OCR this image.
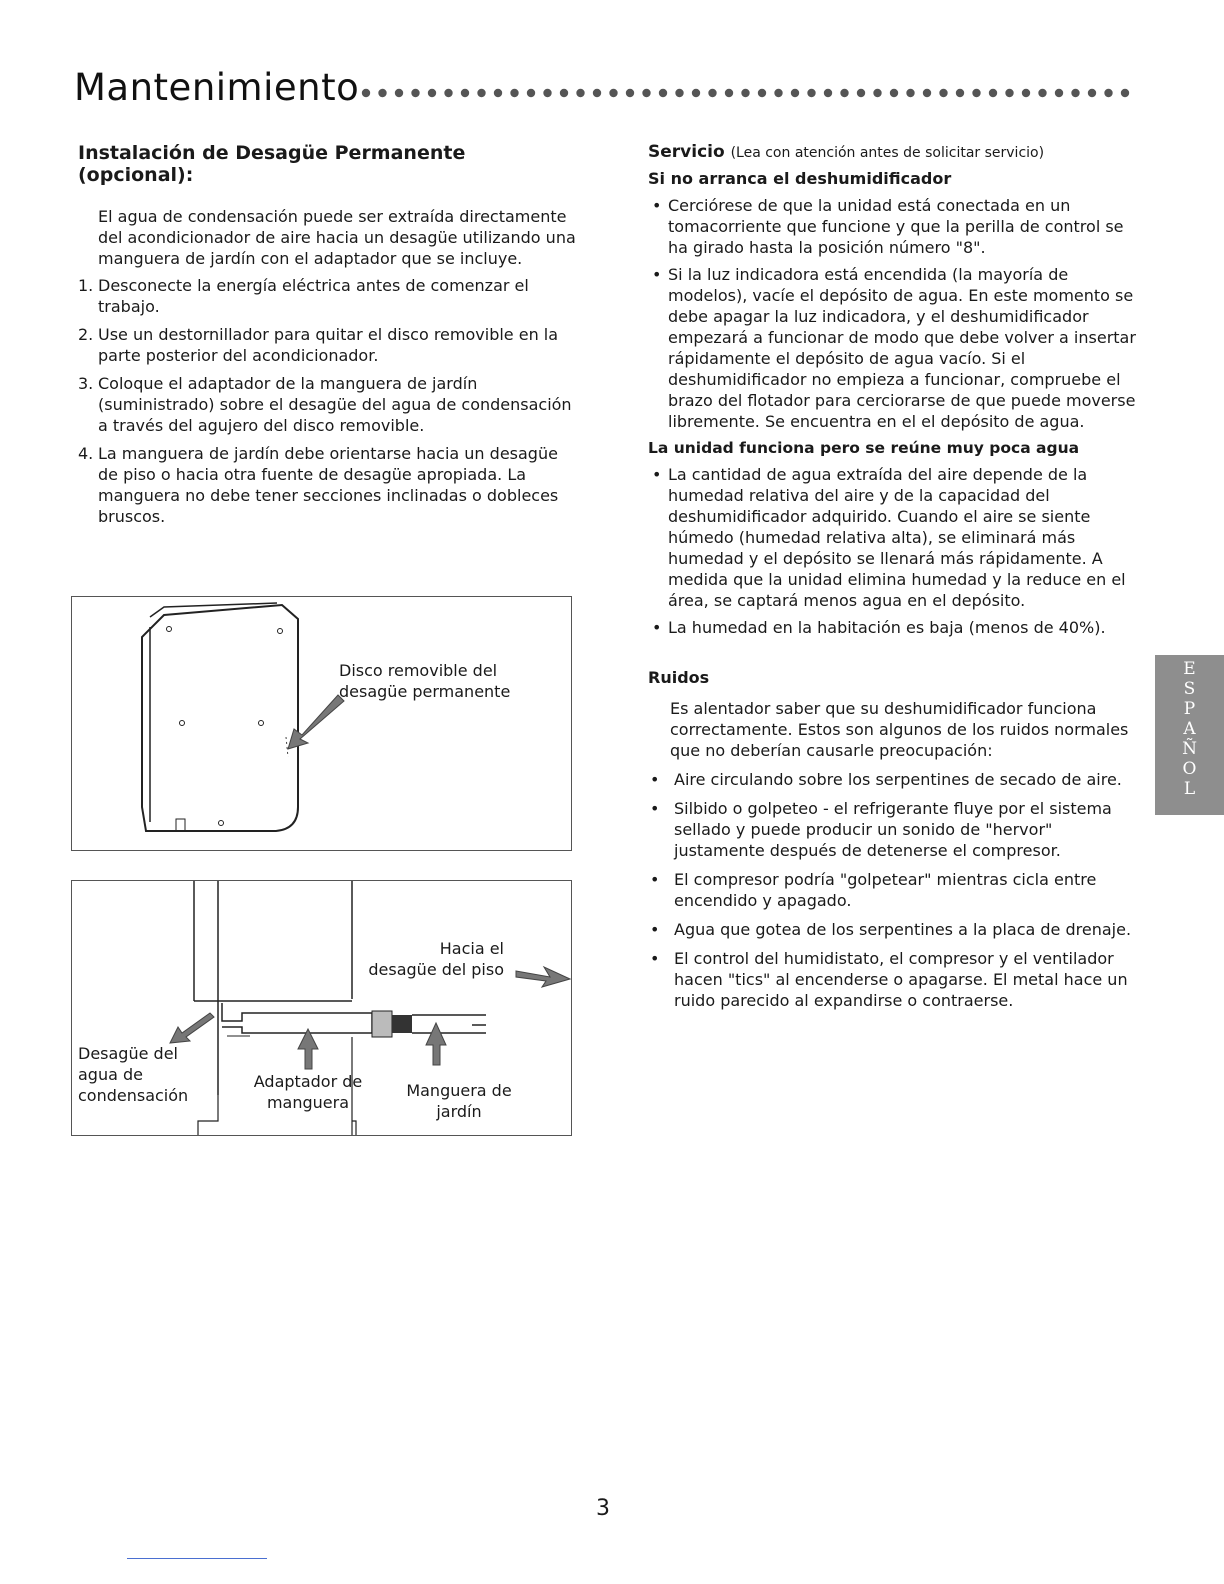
Mantenimiento
Instalación de Desagüe Permanente
(opcional):
El agua de condensación puede ser extraída directamente del acondicionador de aire hacia un desagüe utilizando una manguera de jardín con el adaptador que se incluye.
1. Desconecte la energía eléctrica antes de comenzar el trabajo.
2. Use un destornillador para quitar el disco removible en la parte posterior del acondicionador.
3. Coloque el adaptador de la manguera de jardín (suministrado) sobre el desagüe del agua de condensación a través del agujero del disco removible.
4. La manguera de jardín debe orientarse hacia un desagüe de piso o hacia otra fuente de desagüe apropiada. La manguera no debe tener secciones inclinadas o dobleces bruscos.
Disco removible del
desagüe permanente
Hacia el
desagüe del piso
Desagüe del
agua de
condensación
Adaptador de
manguera
Manguera de
jardín
Servicio (Lea con atención antes de solicitar servicio)
Si no arranca el deshumidificador
• Cerciórese de que la unidad está conectada en un tomacorriente que funcione y que la perilla de control se ha girado hasta la posición número "8".
• Si la luz indicadora está encendida (la mayoría de modelos), vacíe el depósito de agua. En este momento se debe apagar la luz indicadora, y el deshumidificador empezará a funcionar de modo que debe volver a insertar rápidamente el depósito de agua vacío. Si el deshumidificador no empieza a funcionar, compruebe el brazo del flotador para cerciorarse de que puede moverse libremente. Se encuentra en el el depósito de agua.
La unidad funciona pero se reúne muy poca agua
• La cantidad de agua extraída del aire depende de la humedad relativa del aire y de la capacidad del deshumidificador adquirido. Cuando el aire se siente húmedo (humedad relativa alta), se eliminará más humedad y el depósito se llenará más rápidamente. A medida que la unidad elimina humedad y la reduce en el área, se captará menos agua en el depósito.
• La humedad en la habitación es baja (menos de 40%).
Ruidos
Es alentador saber que su deshumidificador funciona correctamente. Estos son algunos de los ruidos normales que no deberían causarle preocupación:
• Aire circulando sobre los serpentines de secado de aire.
• Silbido o golpeteo - el refrigerante fluye por el sistema sellado y puede producir un sonido de "hervor" justamente después de detenerse el compresor.
• El compresor podría "golpetear" mientras cicla entre encendido y apagado.
• Agua que gotea de los serpentines a la placa de drenaje.
• El control del humidistato, el compresor y el ventilador hacen "tics" al encenderse o apagarse. El metal hace un ruido parecido al expandirse o contraerse.
E
S
P
A
Ñ
O
L
3
